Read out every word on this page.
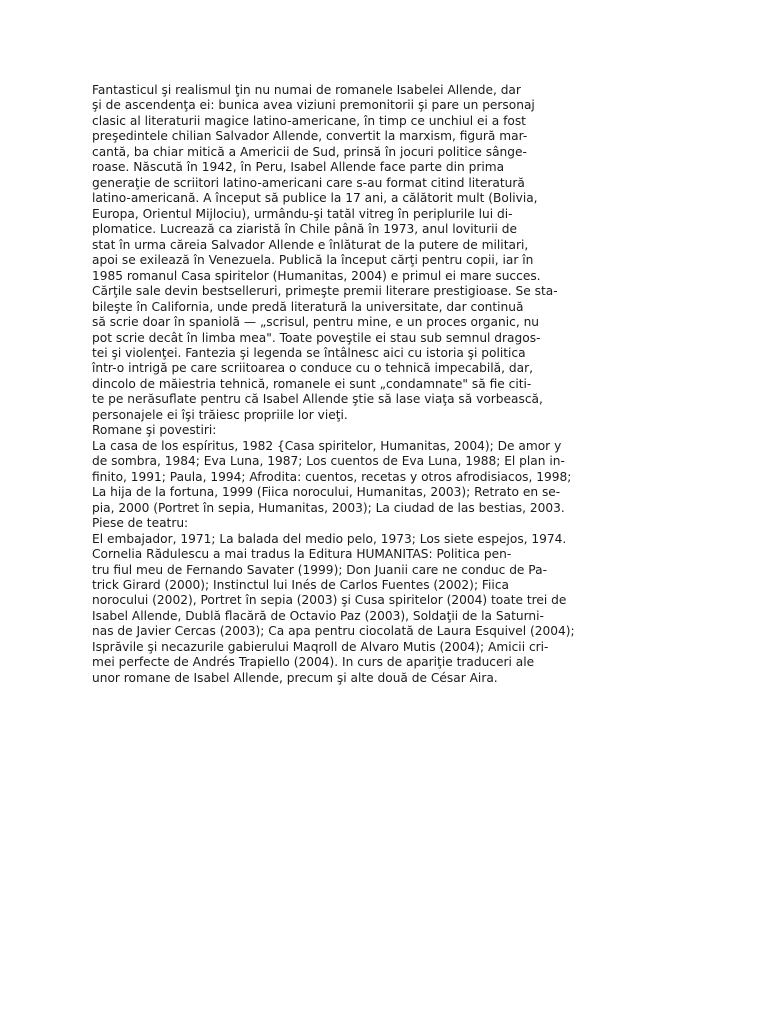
Fantasticul şi realismul ţin nu numai de romanele Isabelei Allende, dar
şi de ascendenţa ei: bunica avea viziuni premonitorii şi pare un personaj
clasic al literaturii magice latino-americane, în timp ce unchiul ei a fost
preşedintele chilian Salvador Allende, convertit la marxism, figură mar-
cantă, ba chiar mitică a Americii de Sud, prinsă în jocuri politice sânge-
roase. Născută în 1942, în Peru, Isabel Allende face parte din prima
generaţie de scriitori latino-americani care s-au format citind literatură
latino-americană. A început să publice la 17 ani, a călătorit mult (Bolivia,
Europa, Orientul Mijlociu), urmându-şi tatăl vitreg în periplurile lui di-
plomatice. Lucrează ca ziaristă în Chile până în 1973, anul loviturii de
stat în urma căreia Salvador Allende e înlăturat de la putere de militari,
apoi se exilează în Venezuela. Publică la început cărţi pentru copii, iar în
1985 romanul Casa spiritelor (Humanitas, 2004) e primul ei mare succes.
Cărţile sale devin bestselleruri, primeşte premii literare prestigioase. Se sta-
bileşte în California, unde predă literatură la universitate, dar continuă
să scrie doar în spaniolă — „scrisul, pentru mine, e un proces organic, nu
pot scrie decât în limba mea". Toate poveştile ei stau sub semnul dragos-
tei şi violenţei. Fantezia şi legenda se întâlnesc aici cu istoria şi politica
într-o intrigă pe care scriitoarea o conduce cu o tehnică impecabilă, dar,
dincolo de măiestria tehnică, romanele ei sunt „condamnate" să fie citi-
te pe nerăsuflate pentru că Isabel Allende ştie să lase viaţa să vorbească,
personajele ei îşi trăiesc propriile lor vieţi.
Romane şi povestiri:
La casa de los espíritus, 1982 {Casa spiritelor, Humanitas, 2004); De amor y
de sombra, 1984; Eva Luna, 1987; Los cuentos de Eva Luna, 1988; El plan in-
finito, 1991; Paula, 1994; Afrodita: cuentos, recetas y otros afrodisiacos, 1998;
La hija de la fortuna, 1999 (Fiica norocului, Humanitas, 2003); Retrato en se-
pia, 2000 (Portret în sepia, Humanitas, 2003); La ciudad de las bestias, 2003.
Piese de teatru:
El embajador, 1971; La balada del medio pelo, 1973; Los siete espejos, 1974.
Cornelia Rădulescu a mai tradus la Editura HUMANITAS: Politica pen-
tru fiul meu de Fernando Savater (1999); Don Juanii care ne conduc de Pa-
trick Girard (2000); Instinctul lui Inés de Carlos Fuentes (2002); Fiica
norocului (2002), Portret în sepia (2003) şi Cusa spiritelor (2004) toate trei de
Isabel Allende, Dublă flacără de Octavio Paz (2003), Soldaţii de la Saturni-
nas de Javier Cercas (2003); Ca apa pentru ciocolată de Laura Esquivel (2004);
Isprăvile şi necazurile gabierului Maqroll de Alvaro Mutis (2004); Amicii cri-
mei perfecte de Andrés Trapiello (2004). In curs de apariţie traduceri ale
unor romane de Isabel Allende, precum şi alte două de César Aira.
